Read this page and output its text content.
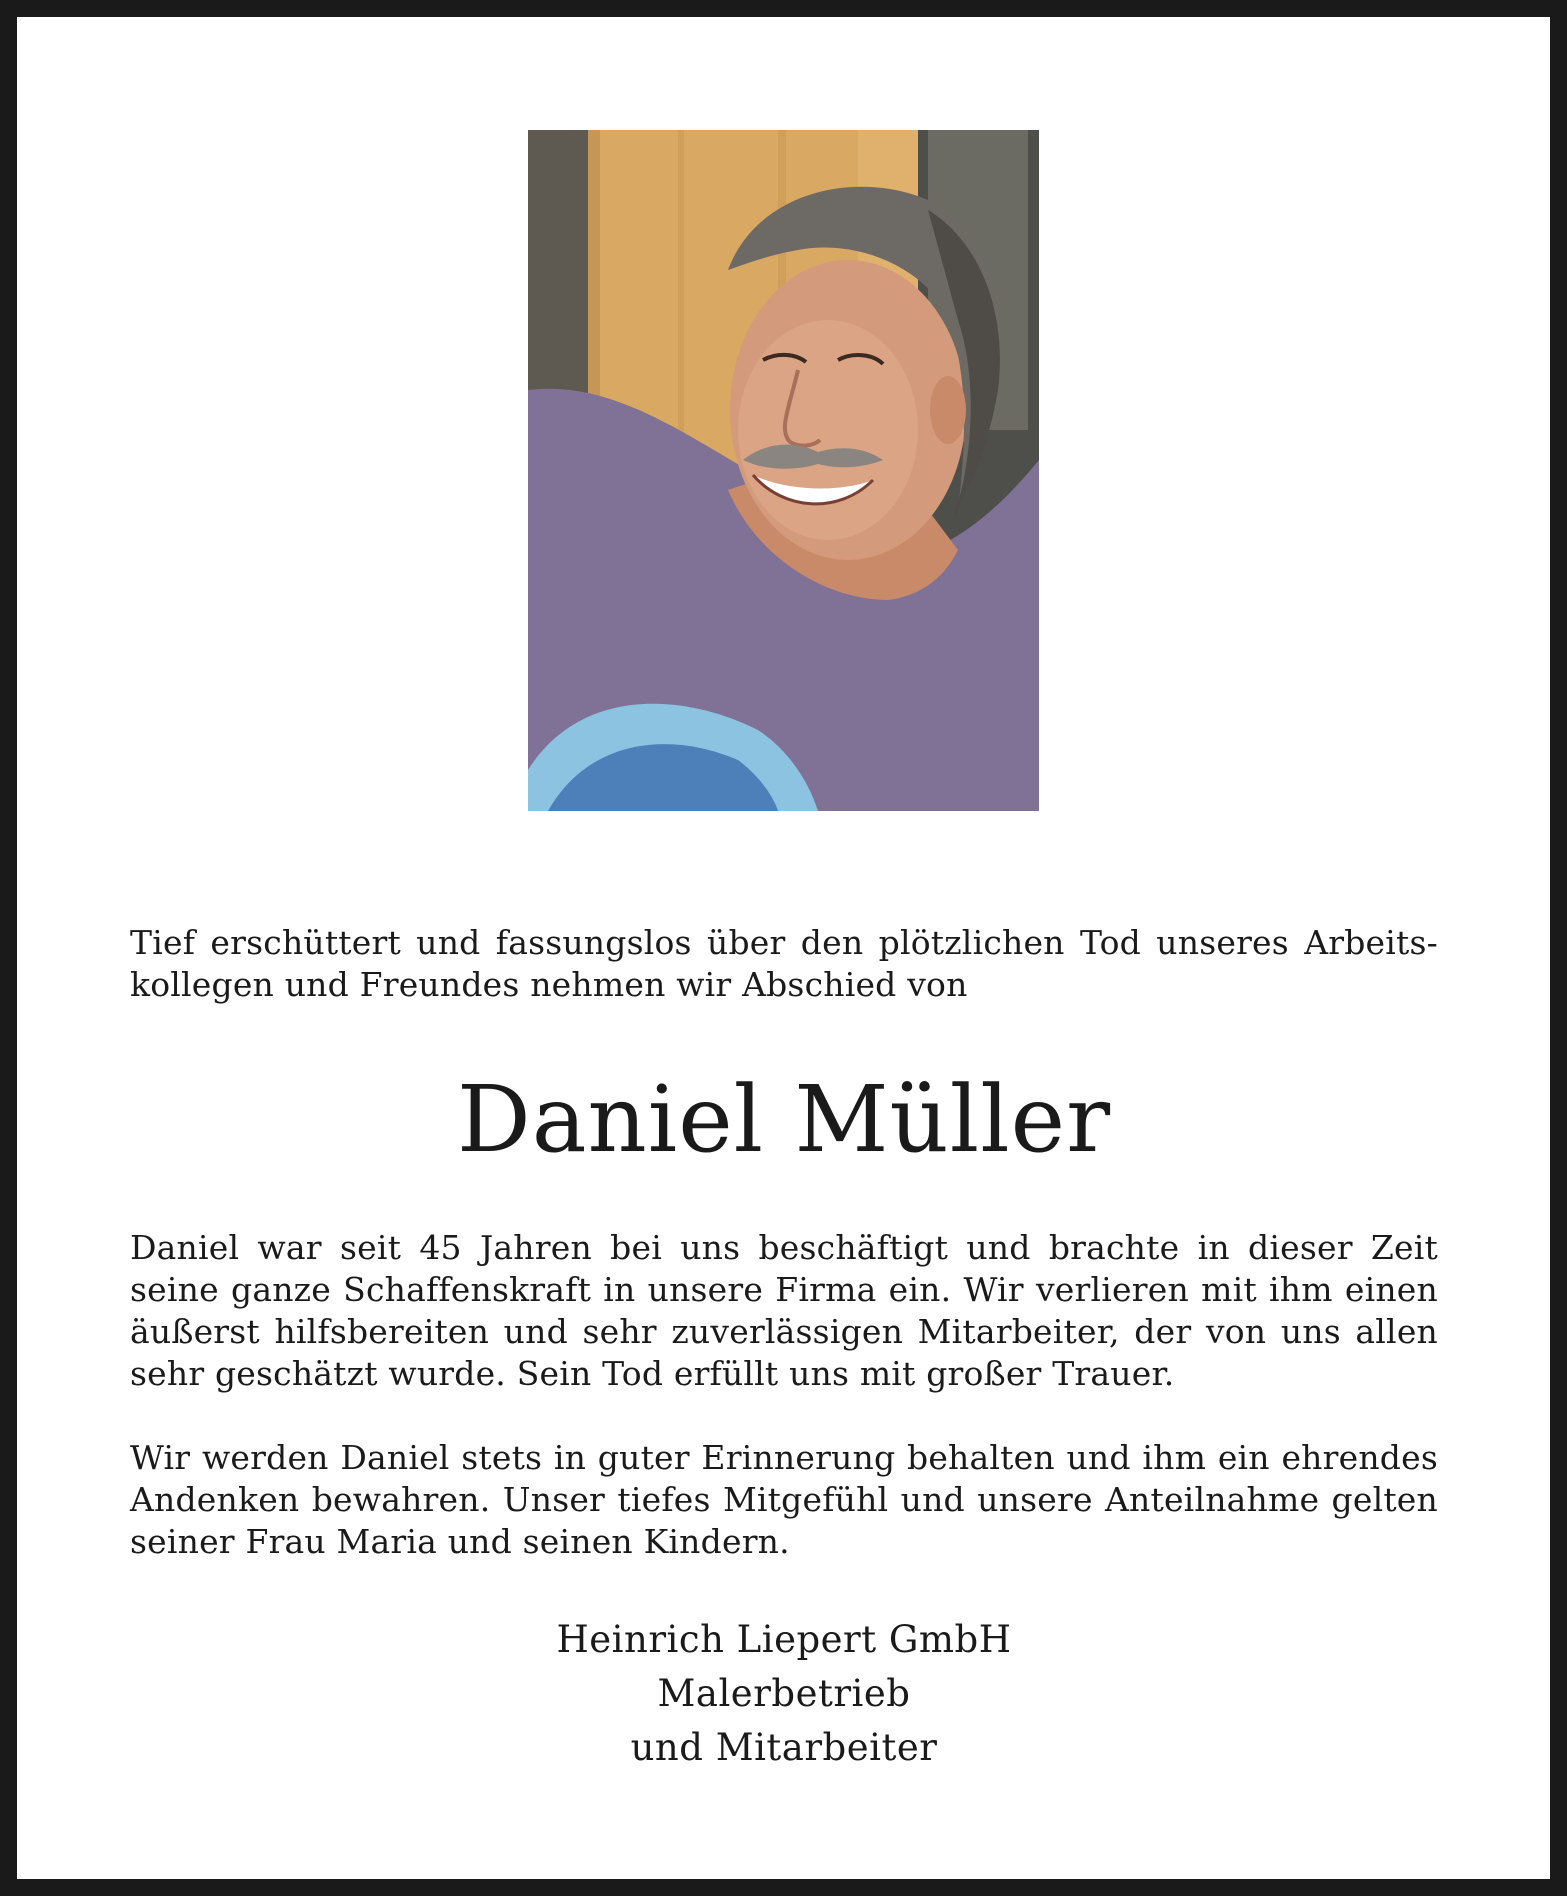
Tief erschüttert und fassungslos über den plötzlichen Tod unseres Arbeits-
kollegen und Freundes nehmen wir Abschied von

Daniel Müller

Daniel war seit 45 Jahren bei uns beschäftigt und brachte in dieser Zeit
seine ganze Schaffenskraft in unsere Firma ein. Wir verlieren mit ihm einen
äußerst hilfsbereiten und sehr zuverlässigen Mitarbeiter, der von uns allen
sehr geschätzt wurde. Sein Tod erfüllt uns mit großer Trauer.

Wir werden Daniel stets in guter Erinnerung behalten und ihm ein ehrendes
Andenken bewahren. Unser tiefes Mitgefühl und unsere Anteilnahme gelten
seiner Frau Maria und seinen Kindern.

Heinrich Liepert GmbH
Malerbetrieb
und Mitarbeiter
